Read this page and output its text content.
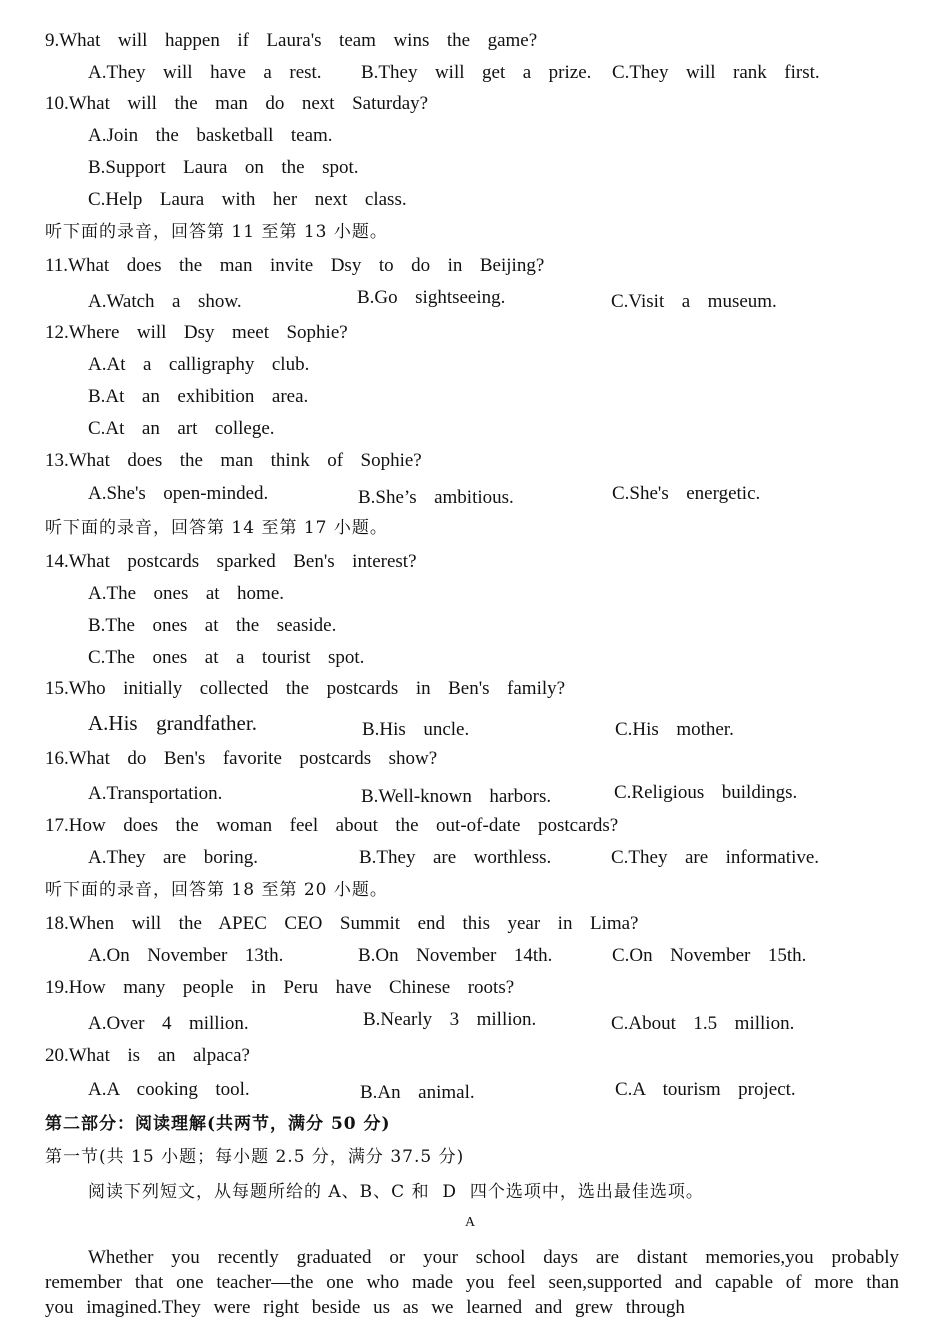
9.What  will  happen  if  Laura's  team  wins  the  game?
A.They  will  have  a  rest. B.They  will  get  a  prize. C.They  will  rank  first.
10.What  will  the  man  do  next  Saturday?
A.Join  the  basketball  team.
B.Support  Laura  on  the  spot.
C.Help  Laura  with  her  next  class.
听下面的录音，回答第 11 至第 13 小题。
11.What  does  the  man  invite  Dsy  to  do  in  Beijing?
A.Watch  a  show.	B.Go  sightseeing.	C.Visit  a  museum.
12.Where  will  Dsy  meet  Sophie?
A.At  a  calligraphy  club.
B.At  an  exhibition  area.
C.At  an  art  college.
13.What  does  the  man  think  of  Sophie?
A.She's  open-minded.	B.She’s  ambitious.	C.She's  energetic.
听下面的录音，回答第 14 至第 17 小题。
14.What  postcards  sparked  Ben's  interest?
A.The  ones  at  home.
B.The  ones  at  the  seaside.
C.The  ones  at  a  tourist  spot.
15.Who  initially  collected  the  postcards  in  Ben's  family?
A.His  grandfather.	B.His  uncle.	C.His  mother.
16.What  do  Ben's  favorite  postcards  show?
A.Transportation.	B.Well-known  harbors.	C.Religious  buildings.
17.How  does  the  woman  feel  about  the  out-of-date  postcards?
A.They  are  boring.	B.They  are  worthless.	C.They  are  informative.
听下面的录音，回答第 18 至第 20 小题。
18.When  will  the  APEC  CEO  Summit  end  this  year  in  Lima?
A.On  November  13th.	B.On  November  14th.	C.On  November  15th.
19.How  many  people  in  Peru  have  Chinese  roots?
A.Over  4  million.	B.Nearly  3  million.	C.About  1.5  million.
20.What  is  an  alpaca?
A.A  cooking  tool.	B.An  animal.	C.A  tourism  project.
第二部分：阅读理解(共两节，满分 50 分)
第一节(共 15 小题；每小题 2.5 分，满分 37.5 分)
阅读下列短文，从每题所给的 A、B、C 和  D  四个选项中，选出最佳选项。
A
Whether you recently graduated or your school days are distant memories,you probably remember that one teacher—the one who made you feel seen,supported and capable of more than you imagined.They were right beside us as we learned and grew through
